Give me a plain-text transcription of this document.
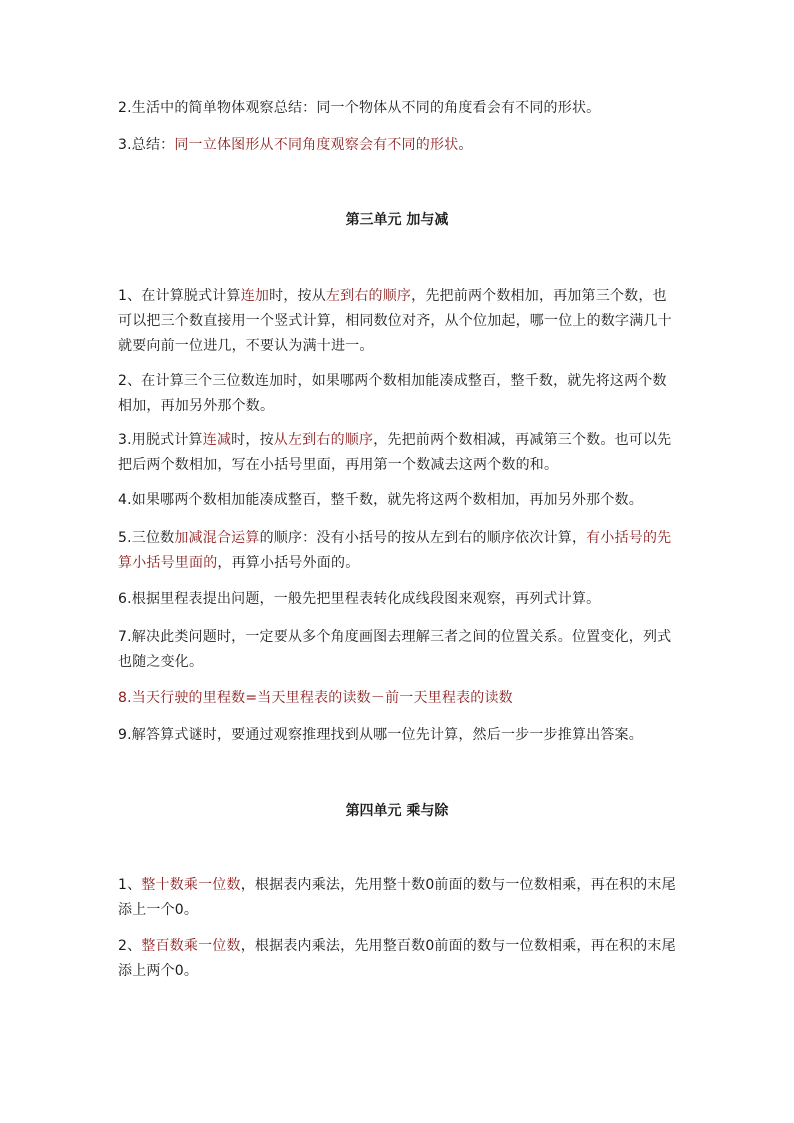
2.生活中的简单物体观察总结：同一个物体从不同的角度看会有不同的形状。

3.总结：同一立体图形从不同角度观察会有不同的形状。

第三单元 加与减

1、在计算脱式计算连加时，按从左到右的顺序，先把前两个数相加，再加第三个数，也可以把三个数直接用一个竖式计算，相同数位对齐，从个位加起，哪一位上的数字满几十就要向前一位进几，不要认为满十进一。

2、在计算三个三位数连加时，如果哪两个数相加能凑成整百，整千数，就先将这两个数相加，再加另外那个数。

3.用脱式计算连减时，按从左到右的顺序，先把前两个数相减，再减第三个数。也可以先把后两个数相加，写在小括号里面，再用第一个数减去这两个数的和。

4.如果哪两个数相加能凑成整百，整千数，就先将这两个数相加，再加另外那个数。

5.三位数加减混合运算的顺序：没有小括号的按从左到右的顺序依次计算，有小括号的先算小括号里面的，再算小括号外面的。

6.根据里程表提出问题，一般先把里程表转化成线段图来观察，再列式计算。

7.解决此类问题时，一定要从多个角度画图去理解三者之间的位置关系。位置变化，列式也随之变化。

8.当天行驶的里程数=当天里程表的读数－前一天里程表的读数

9.解答算式谜时，要通过观察推理找到从哪一位先计算，然后一步一步推算出答案。

第四单元 乘与除

1、整十数乘一位数，根据表内乘法，先用整十数0前面的数与一位数相乘，再在积的末尾添上一个0。

2、整百数乘一位数，根据表内乘法，先用整百数0前面的数与一位数相乘，再在积的末尾添上两个0。
